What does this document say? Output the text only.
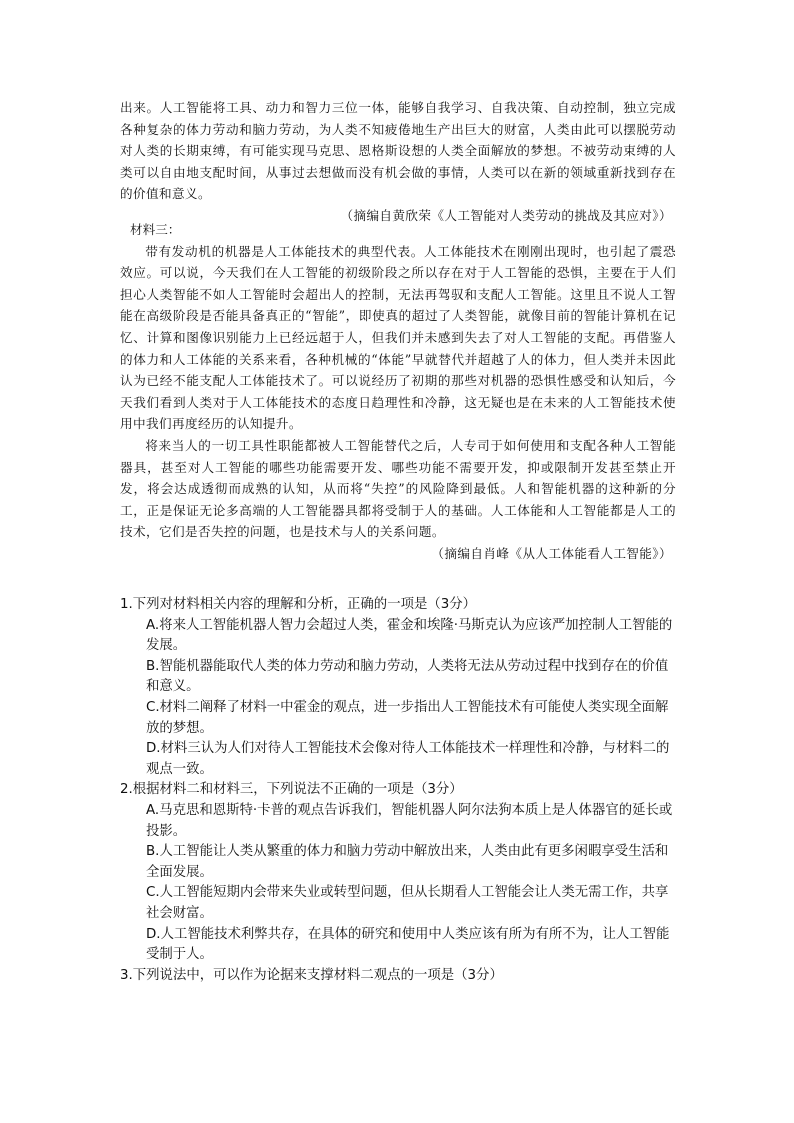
出来。人工智能将工具、动力和智力三位一体，能够自我学习、自我决策、自动控制，独立完成各种复杂的体力劳动和脑力劳动，为人类不知疲倦地生产出巨大的财富，人类由此可以摆脱劳动对人类的长期束缚，有可能实现马克思、恩格斯设想的人类全面解放的梦想。不被劳动束缚的人类可以自由地支配时间，从事过去想做而没有机会做的事情，人类可以在新的领域重新找到存在的价值和意义。

（摘编自黄欣荣《人工智能对人类劳动的挑战及其应对》）

材料三：

带有发动机的机器是人工体能技术的典型代表。人工体能技术在刚刚出现时，也引起了震恐效应。可以说，今天我们在人工智能的初级阶段之所以存在对于人工智能的恐惧，主要在于人们担心人类智能不如人工智能时会超出人的控制，无法再驾驭和支配人工智能。这里且不说人工智能在高级阶段是否能具备真正的“智能”，即使真的超过了人类智能，就像目前的智能计算机在记忆、计算和图像识别能力上已经远超于人，但我们并未感到失去了对人工智能的支配。再借鉴人的体力和人工体能的关系来看，各种机械的“体能”早就替代并超越了人的体力，但人类并未因此认为已经不能支配人工体能技术了。可以说经历了初期的那些对机器的恐惧性感受和认知后，今天我们看到人类对于人工体能技术的态度日趋理性和冷静，这无疑也是在未来的人工智能技术使用中我们再度经历的认知提升。

将来当人的一切工具性职能都被人工智能替代之后，人专司于如何使用和支配各种人工智能器具，甚至对人工智能的哪些功能需要开发、哪些功能不需要开发，抑或限制开发甚至禁止开发，将会达成透彻而成熟的认知，从而将“失控”的风险降到最低。人和智能机器的这种新的分工，正是保证无论多高端的人工智能器具都将受制于人的基础。人工体能和人工智能都是人工的技术，它们是否失控的问题，也是技术与人的关系问题。

（摘编自肖峰《从人工体能看人工智能》）

1.下列对材料相关内容的理解和分析，正确的一项是（3分）

A.将来人工智能机器人智力会超过人类，霍金和埃隆·马斯克认为应该严加控制人工智能的发展。

B.智能机器能取代人类的体力劳动和脑力劳动，人类将无法从劳动过程中找到存在的价值和意义。

C.材料二阐释了材料一中霍金的观点，进一步指出人工智能技术有可能使人类实现全面解放的梦想。

D.材料三认为人们对待人工智能技术会像对待人工体能技术一样理性和冷静，与材料二的观点一致。

2.根据材料二和材料三，下列说法不正确的一项是（3分）

A.马克思和恩斯特·卡普的观点告诉我们，智能机器人阿尔法狗本质上是人体器官的延长或投影。

B.人工智能让人类从繁重的体力和脑力劳动中解放出来，人类由此有更多闲暇享受生活和全面发展。

C.人工智能短期内会带来失业或转型问题，但从长期看人工智能会让人类无需工作，共享社会财富。

D.人工智能技术利弊共存，在具体的研究和使用中人类应该有所为有所不为，让人工智能受制于人。

3.下列说法中，可以作为论据来支撑材料二观点的一项是（3分）
